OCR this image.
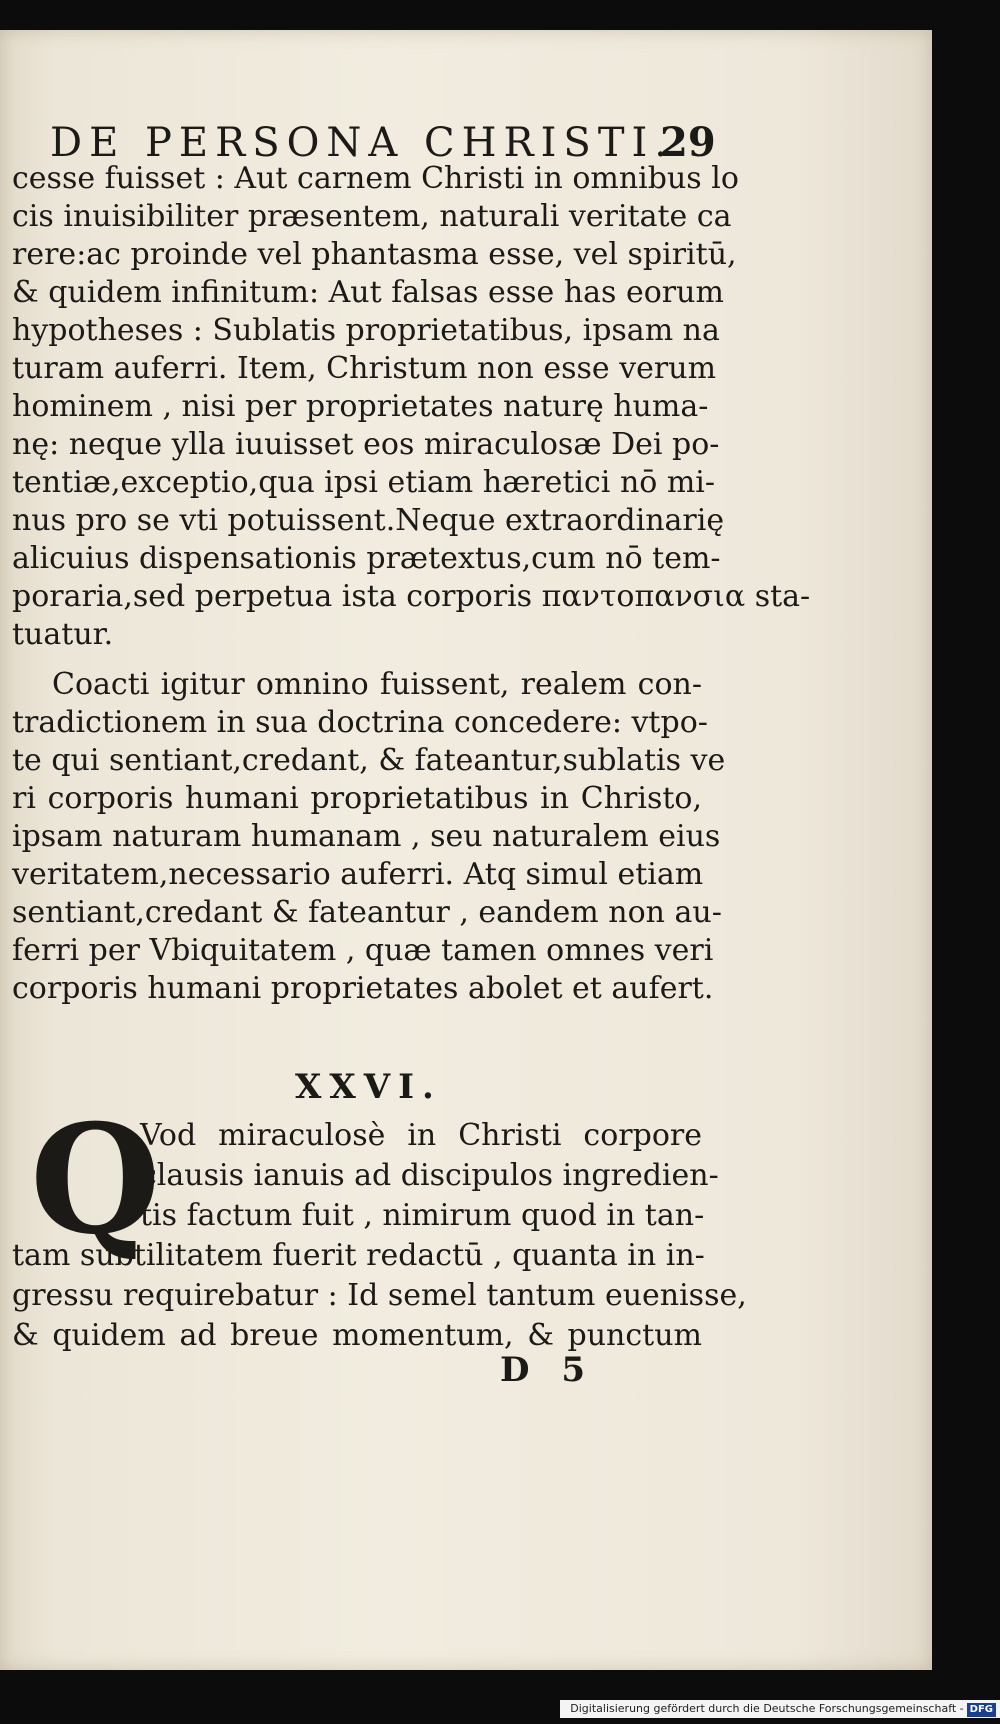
DE PERSONA CHRISTI.
29
cesse fuisset : Aut carnem Christi in omnibus lo
cis inuisibiliter præsentem, naturali veritate ca
rere:ac proinde vel phantasma esse, vel spiritū,
& quidem infinitum: Aut falsas esse has eorum
hypotheses : Sublatis proprietatibus, ipsam na
turam auferri. Item, Christum non esse verum
hominem , nisi per proprietates naturę huma-
nę: neque ylla iuuisset eos miraculosæ Dei po-
tentiæ,exceptio,qua ipsi etiam hæretici nō mi-
nus pro se vti potuissent.Neque extraordinarię
alicuius dispensationis prætextus,cum nō tem-
poraria,sed perpetua ista corporis παντοπανσια sta-
tuatur.
Coacti igitur omnino fuissent, realem con-
tradictionem in sua doctrina concedere: vtpo-
te qui sentiant,credant, & fateantur,sublatis ve
ri corporis humani proprietatibus in Christo,
ipsam naturam humanam , seu naturalem eius
veritatem,necessario auferri. Atq simul etiam
sentiant,credant & fateantur , eandem non au-
ferri per Vbiquitatem , quæ tamen omnes veri
corporis humani proprietates abolet et aufert.
XXVI.
Q
Vod miraculosè in Christi corpore
clausis ianuis ad discipulos ingredien-
tis factum fuit , nimirum quod in tan-
tam subtilitatem fuerit redactū , quanta in in-
gressu requirebatur : Id semel tantum euenisse,
& quidem ad breue momentum, & punctum
D 5
Digitalisierung gefördert durch die Deutsche Forschungsgemeinschaft - DFG
